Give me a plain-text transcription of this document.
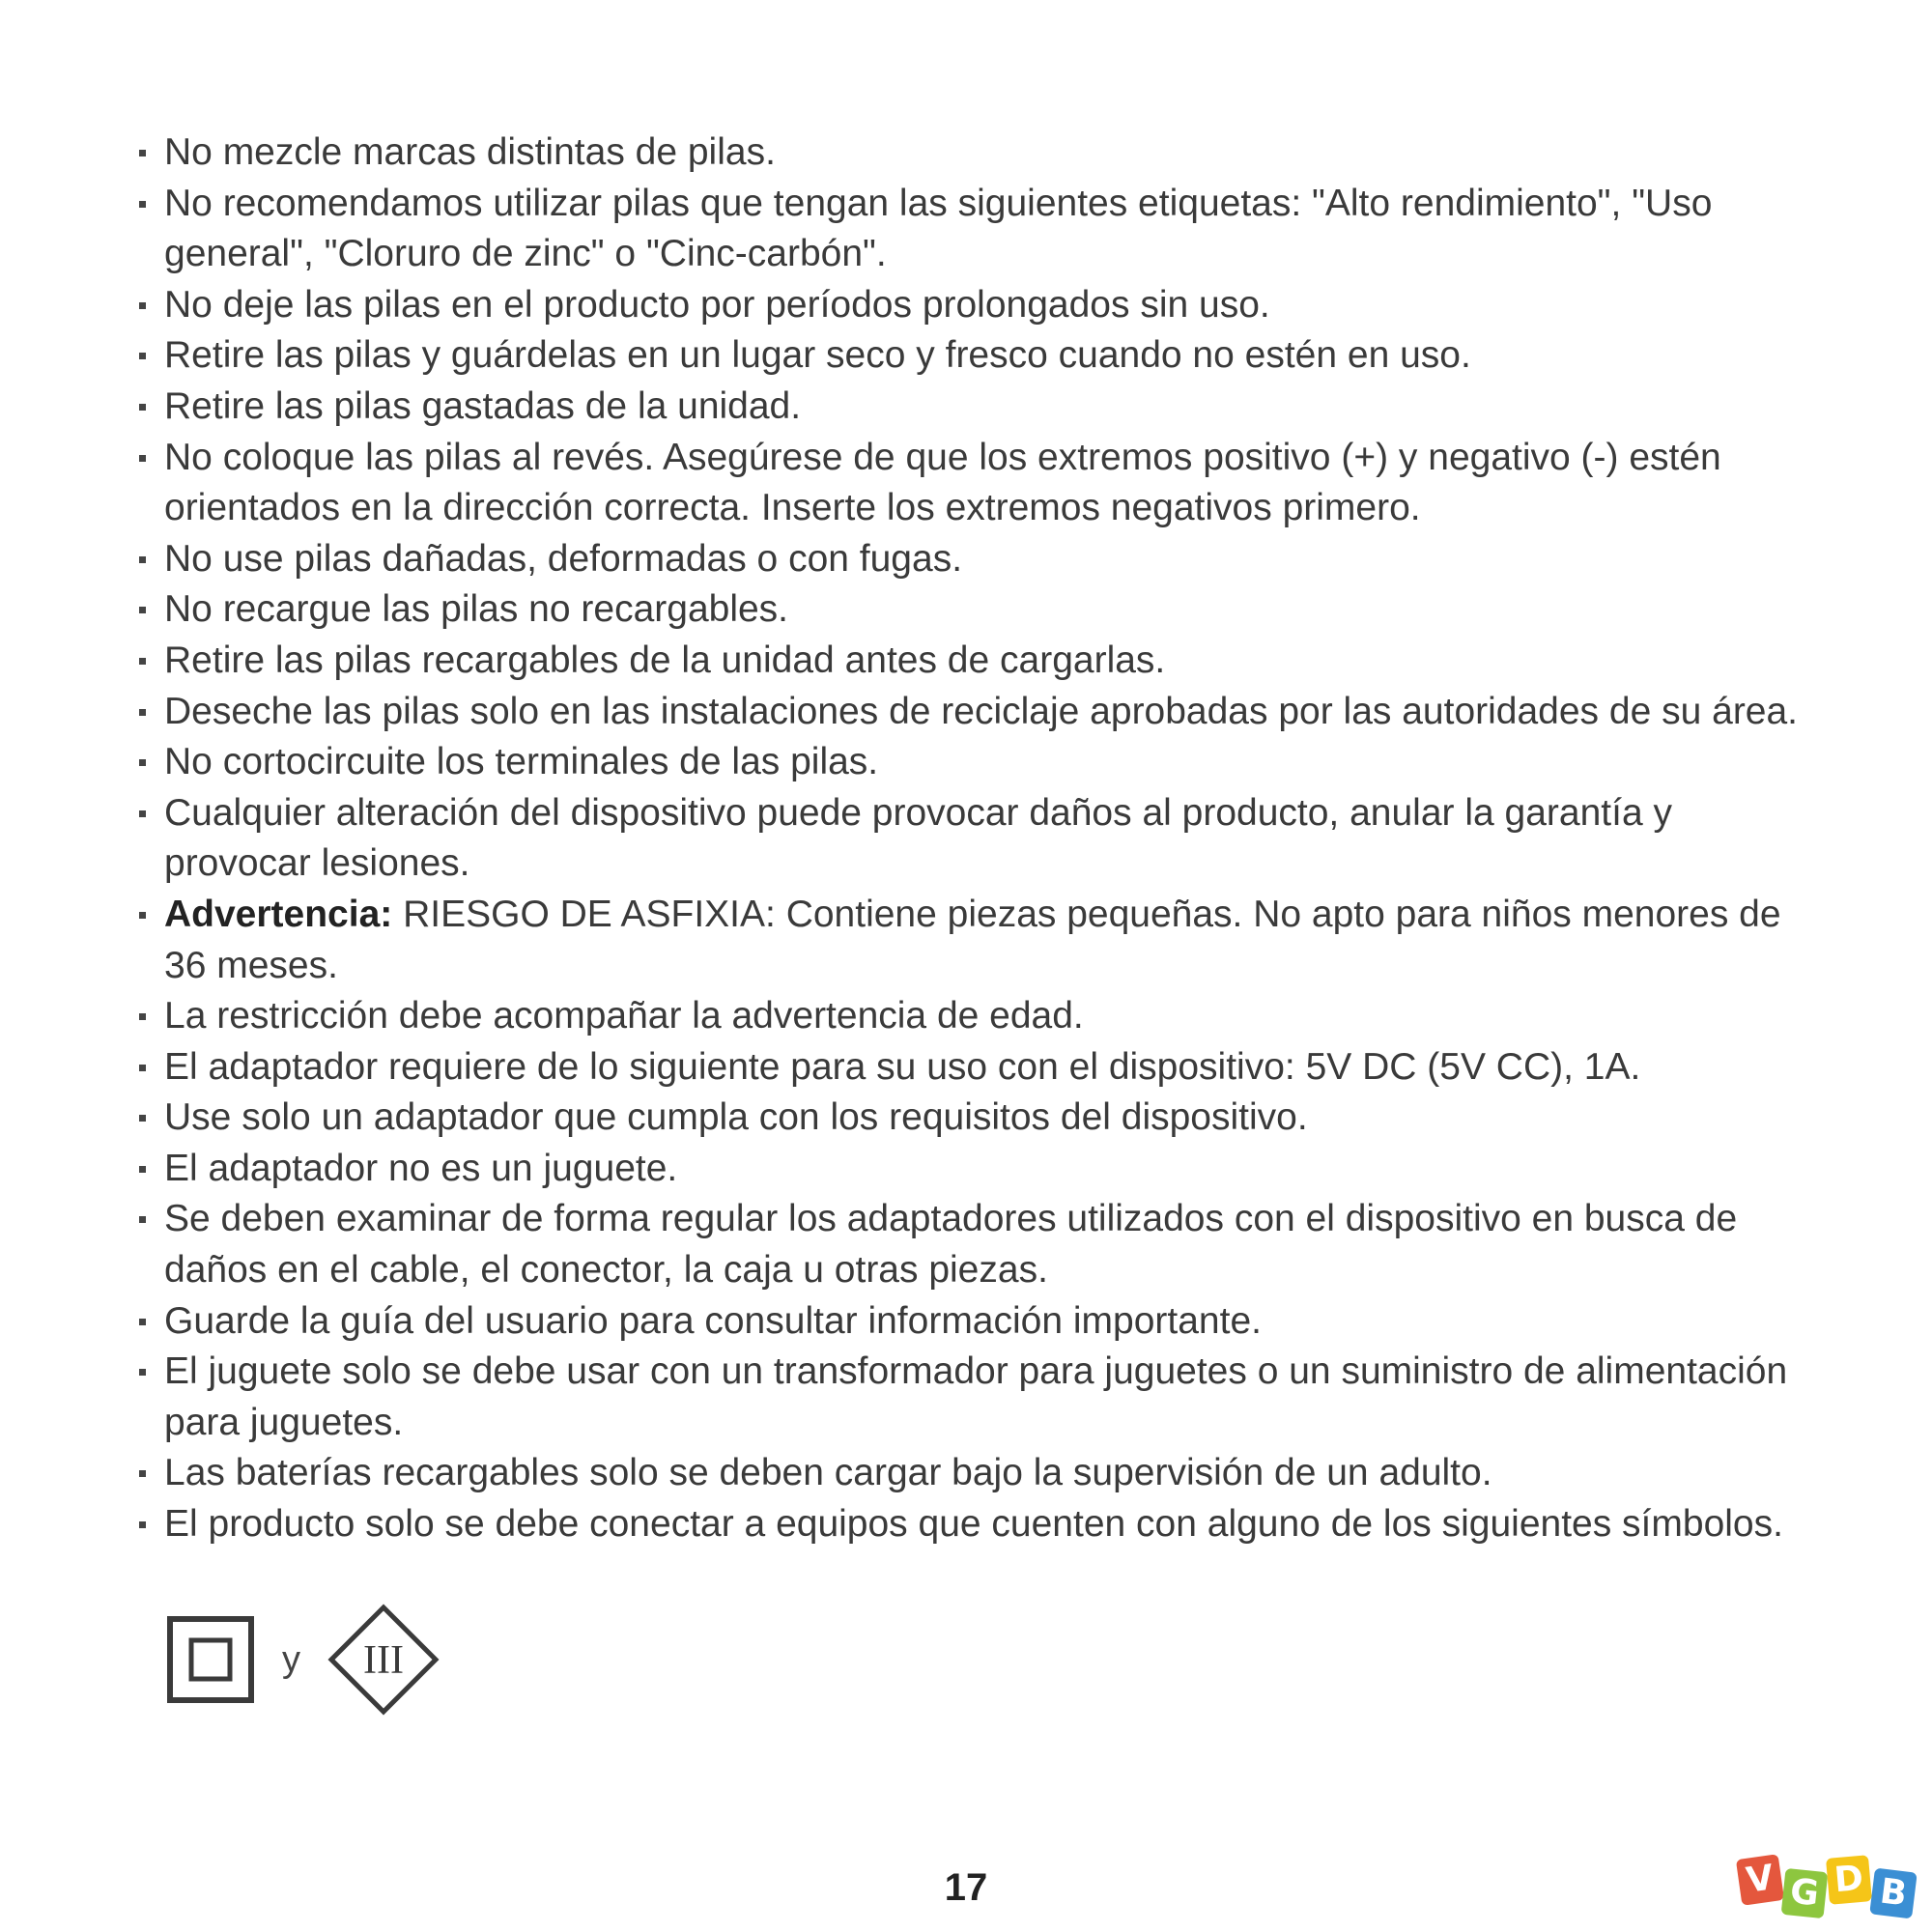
No mezcle marcas distintas de pilas.
No recomendamos utilizar pilas que tengan las siguientes etiquetas: "Alto rendimiento", "Uso general", "Cloruro de zinc" o "Cinc-carbón".
No deje las pilas en el producto por períodos prolongados sin uso.
Retire las pilas y guárdelas en un lugar seco y fresco cuando no estén en uso.
Retire las pilas gastadas de la unidad.
No coloque las pilas al revés. Asegúrese de que los extremos positivo (+) y negativo (-) estén orientados en la dirección correcta. Inserte los extremos negativos primero.
No use pilas dañadas, deformadas o con fugas.
No recargue las pilas no recargables.
Retire las pilas recargables de la unidad antes de cargarlas.
Deseche las pilas solo en las instalaciones de reciclaje aprobadas por las autoridades de su área.
No cortocircuite los terminales de las pilas.
Cualquier alteración del dispositivo puede provocar daños al producto, anular la garantía y provocar lesiones.
Advertencia: RIESGO DE ASFIXIA: Contiene piezas pequeñas. No apto para niños menores de 36 meses.
La restricción debe acompañar la advertencia de edad.
El adaptador requiere de lo siguiente para su uso con el dispositivo: 5V DC (5V CC), 1A.
Use solo un adaptador que cumpla con los requisitos del dispositivo.
El adaptador no es un juguete.
Se deben examinar de forma regular los adaptadores utilizados con el dispositivo en busca de daños en el cable, el conector, la caja u otras piezas.
Guarde la guía del usuario para consultar información importante.
El juguete solo se debe usar con un transformador para juguetes o un suministro de alimentación para juguetes.
Las baterías recargables solo se deben cargar bajo la supervisión de un adulto.
El producto solo se debe conectar a equipos que cuenten con alguno de los siguientes símbolos.
y III
17	V G D B
